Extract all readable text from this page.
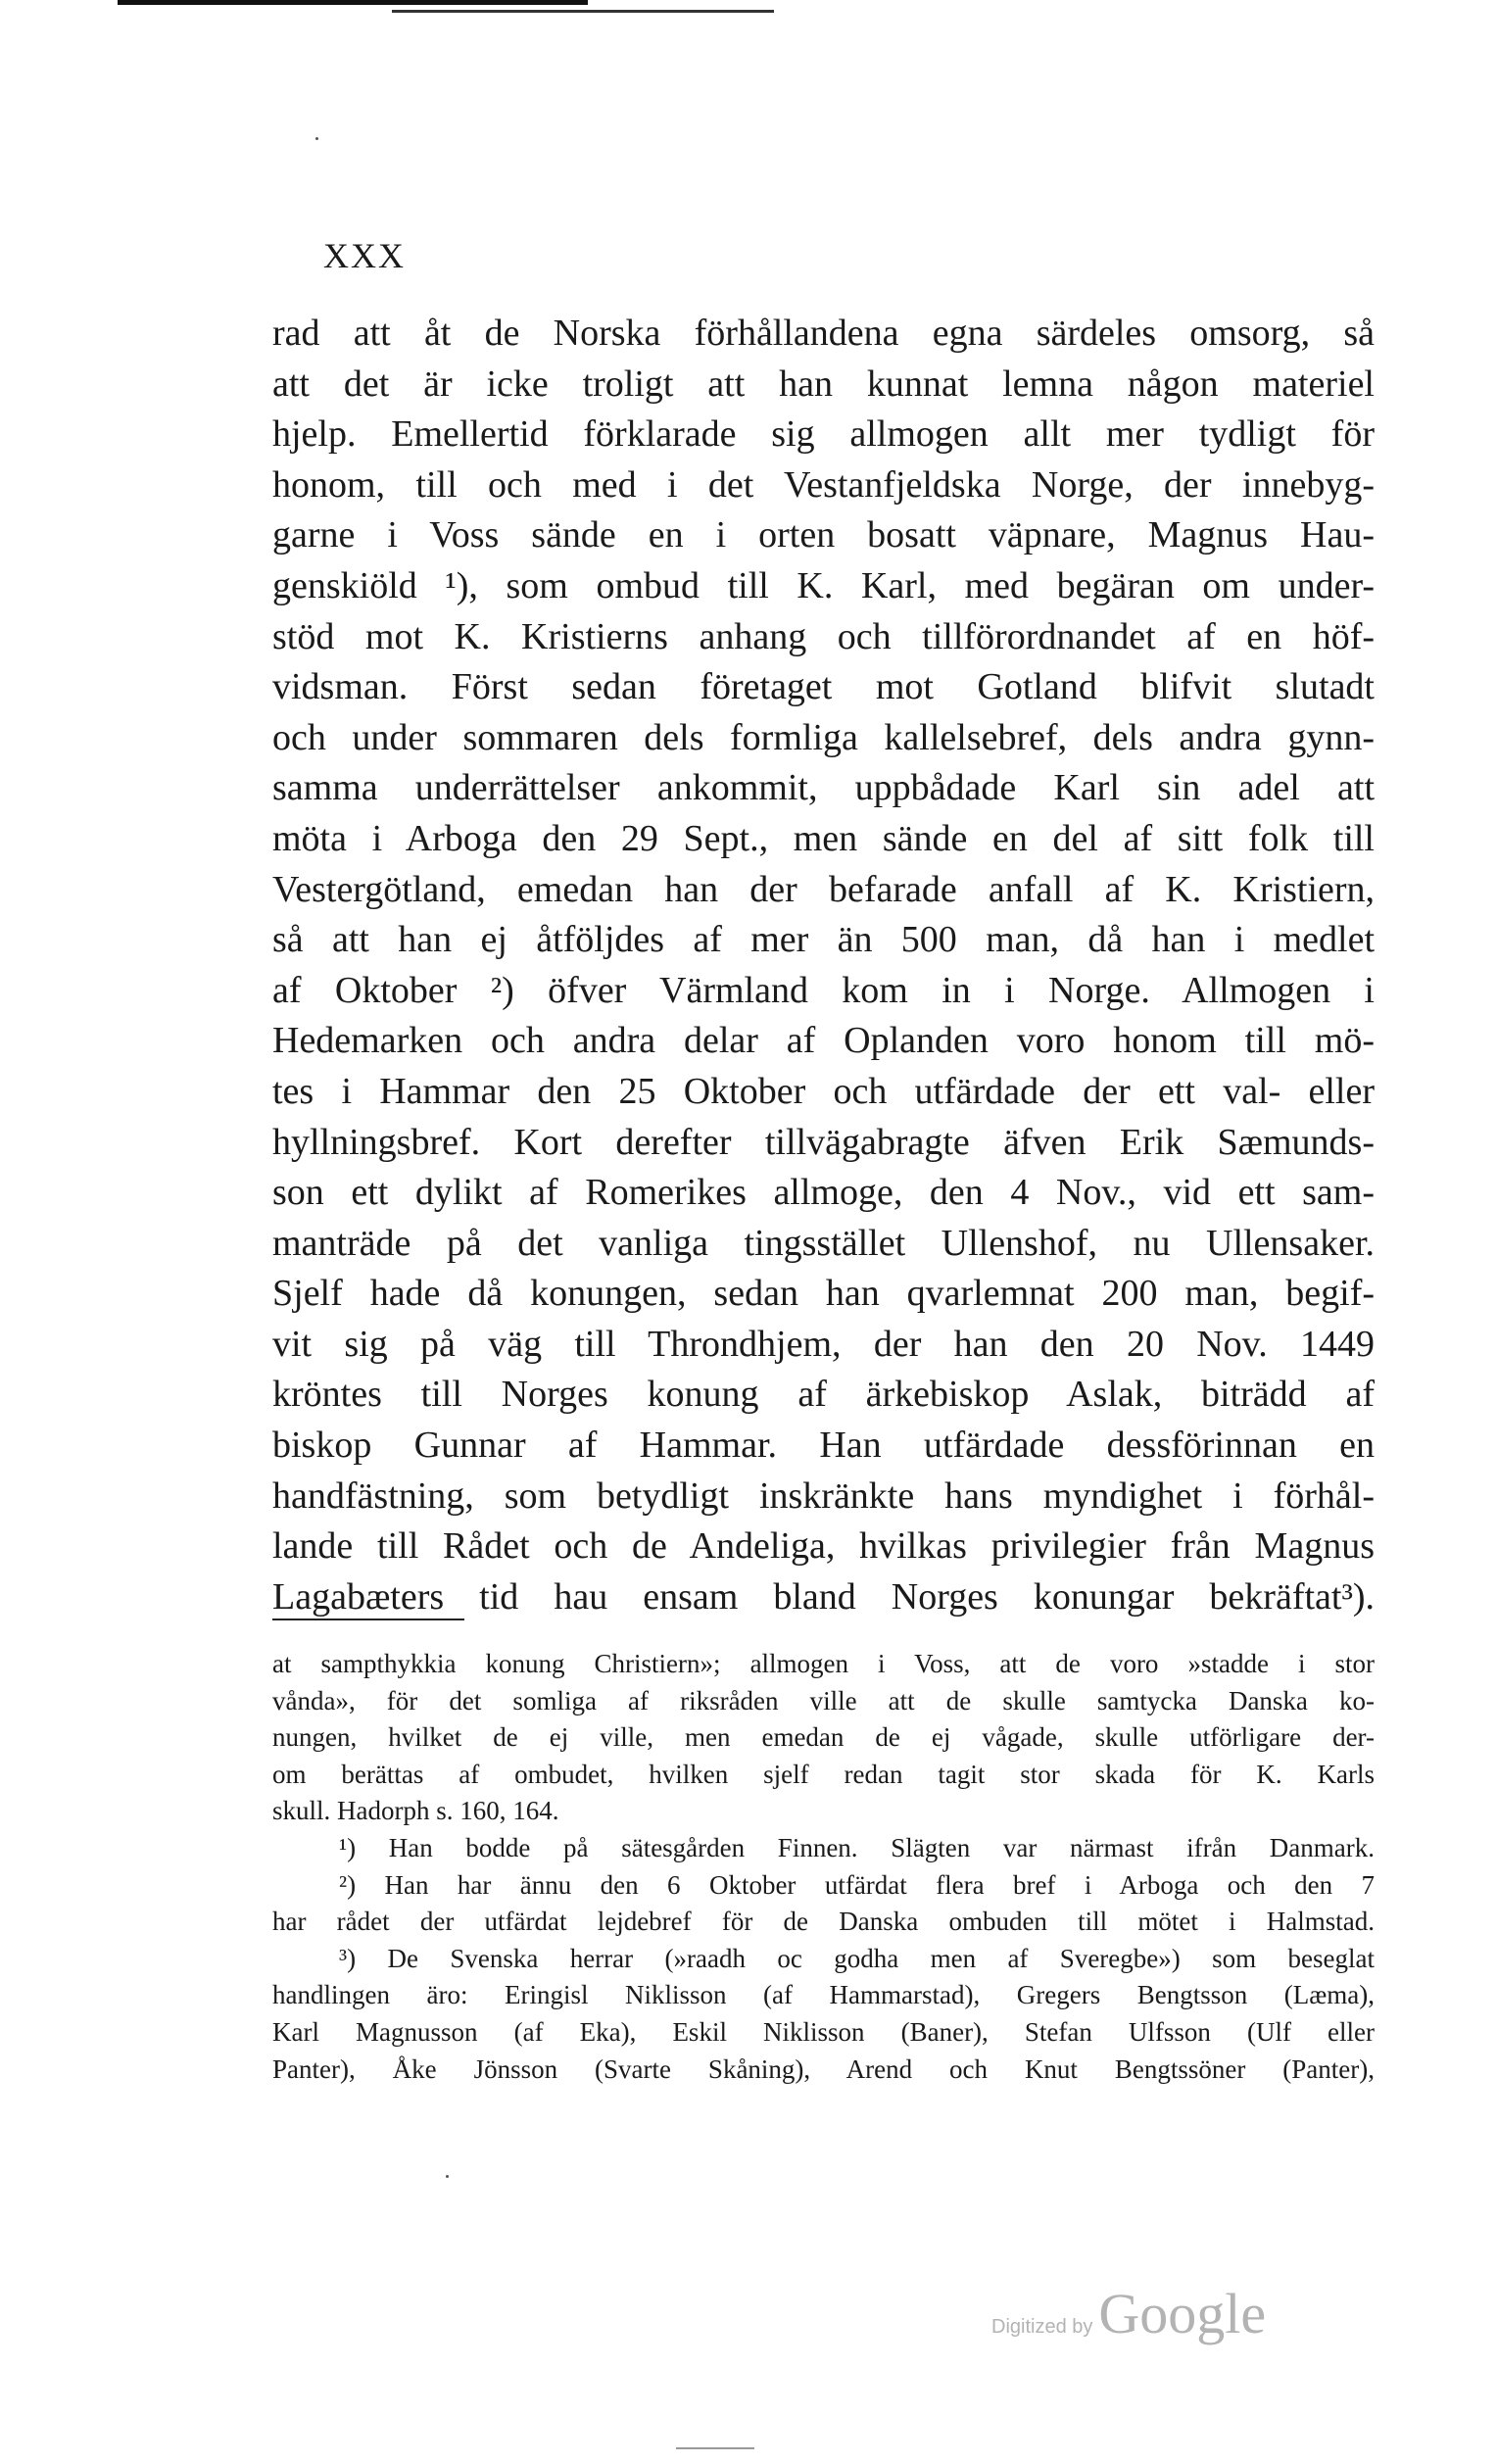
XXX
rad att åt de Norska förhållandena egna särdeles omsorg, så
att det är icke troligt att han kunnat lemna någon materiel
hjelp. Emellertid förklarade sig allmogen allt mer tydligt för
honom, till och med i det Vestanfjeldska Norge, der innebyg-
garne i Voss sände en i orten bosatt väpnare, Magnus Hau-
genskiöld ¹), som ombud till K. Karl, med begäran om under-
stöd mot K. Kristierns anhang och tillförordnandet af en höf-
vidsman. Först sedan företaget mot Gotland blifvit slutadt
och under sommaren dels formliga kallelsebref, dels andra gynn-
samma underrättelser ankommit, uppbådade Karl sin adel att
möta i Arboga den 29 Sept., men sände en del af sitt folk till
Vestergötland, emedan han der befarade anfall af K. Kristiern,
så att han ej åtföljdes af mer än 500 man, då han i medlet
af Oktober ²) öfver Värmland kom in i Norge. Allmogen i
Hedemarken och andra delar af Oplanden voro honom till mö-
tes i Hammar den 25 Oktober och utfärdade der ett val- eller
hyllningsbref. Kort derefter tillvägabragte äfven Erik Sæmunds-
son ett dylikt af Romerikes allmoge, den 4 Nov., vid ett sam-
manträde på det vanliga tingsstället Ullenshof, nu Ullensaker.
Sjelf hade då konungen, sedan han qvarlemnat 200 man, begif-
vit sig på väg till Throndhjem, der han den 20 Nov. 1449
kröntes till Norges konung af ärkebiskop Aslak, biträdd af
biskop Gunnar af Hammar. Han utfärdade dessförinnan en
handfästning, som betydligt inskränkte hans myndighet i förhål-
lande till Rådet och de Andeliga, hvilkas privilegier från Magnus
Lagabæters tid hau ensam bland Norges konungar bekräftat³).
at sampthykkia konung Christiern»; allmogen i Voss, att de voro »stadde i stor
vånda», för det somliga af riksråden ville att de skulle samtycka Danska ko-
nungen, hvilket de ej ville, men emedan de ej vågade, skulle utförligare der-
om berättas af ombudet, hvilken sjelf redan tagit stor skada för K. Karls
skull. Hadorph s. 160, 164.
¹) Han bodde på sätesgården Finnen. Slägten var närmast ifrån Danmark.
²) Han har ännu den 6 Oktober utfärdat flera bref i Arboga och den 7
har rådet der utfärdat lejdebref för de Danska ombuden till mötet i Halmstad.
³) De Svenska herrar (»raadh oc godha men af Sveregbe») som beseglat
handlingen äro: Eringisl Niklisson (af Hammarstad), Gregers Bengtsson (Læma),
Karl Magnusson (af Eka), Eskil Niklisson (Baner), Stefan Ulfsson (Ulf eller
Panter), Åke Jönsson (Svarte Skåning), Arend och Knut Bengtssöner (Panter),
Digitized by Google
